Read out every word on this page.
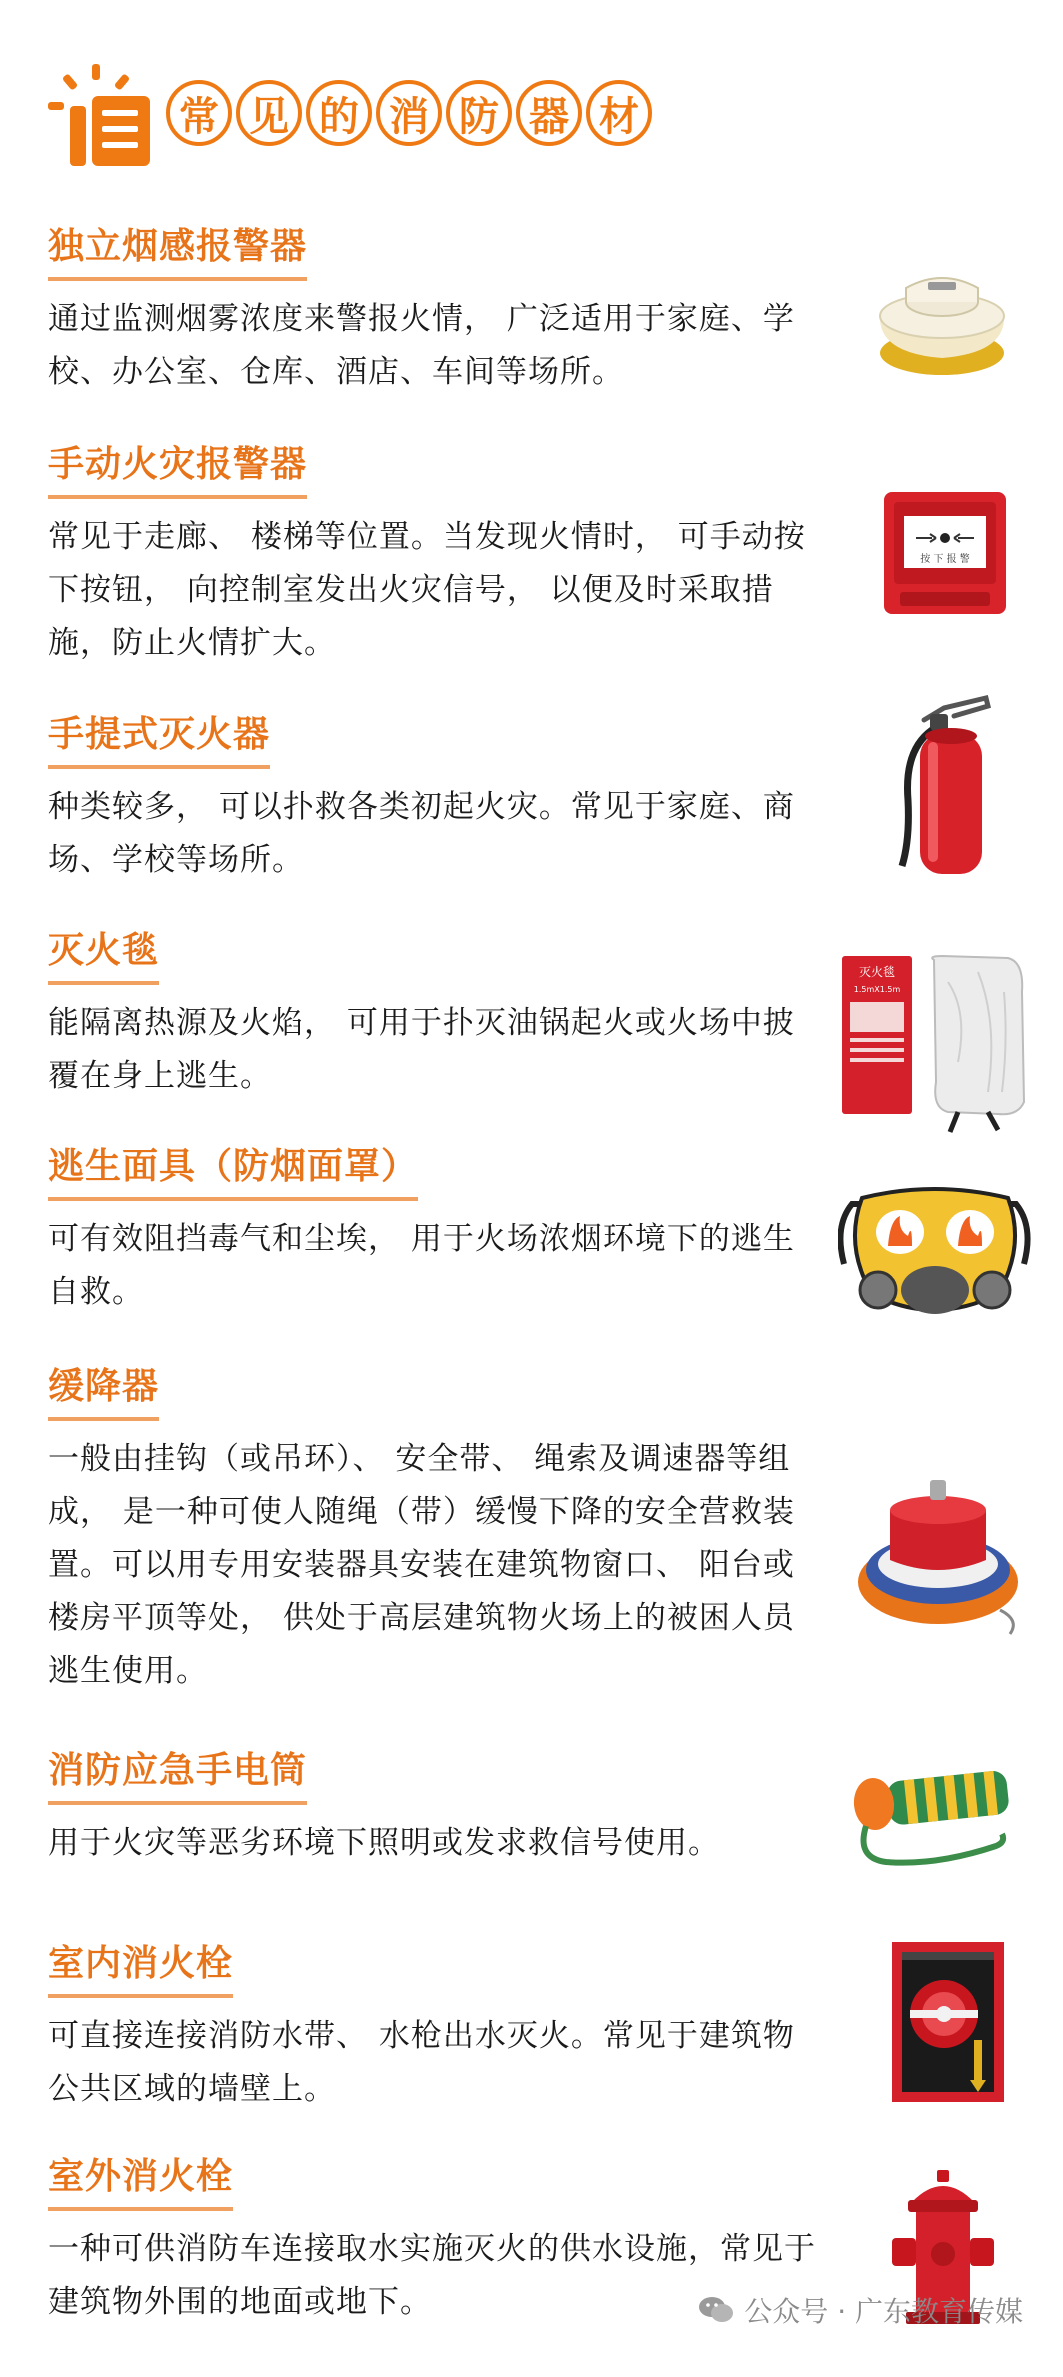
常 见 的 消 防 器 材
独立烟感报警器
通过监测烟雾浓度来警报火情， 广泛适用于家庭、学校、办公室、仓库、酒店、车间等场所。
手动火灾报警器
常见于走廊、 楼梯等位置。当发现火情时， 可手动按下按钮， 向控制室发出火灾信号， 以便及时采取措施，防止火情扩大。
按 下 报 警
手提式灭火器
种类较多， 可以扑救各类初起火灾。常见于家庭、商场、学校等场所。
灭火毯
能隔离热源及火焰， 可用于扑灭油锅起火或火场中披覆在身上逃生。
灭火毯
1.5mX1.5m
逃生面具（防烟面罩）
可有效阻挡毒气和尘埃， 用于火场浓烟环境下的逃生自救。
缓降器
一般由挂钩（或吊环）、 安全带、 绳索及调速器等组成， 是一种可使人随绳（带）缓慢下降的安全营救装置。可以用专用安装器具安装在建筑物窗口、 阳台或楼房平顶等处， 供处于高层建筑物火场上的被困人员逃生使用。
消防应急手电筒
用于火灾等恶劣环境下照明或发求救信号使用。
室内消火栓
可直接连接消防水带、 水枪出水灭火。常见于建筑物公共区域的墙壁上。
室外消火栓
一种可供消防车连接取水实施灭火的供水设施，常见于建筑物外围的地面或地下。	公众号 · 广东教育传媒
